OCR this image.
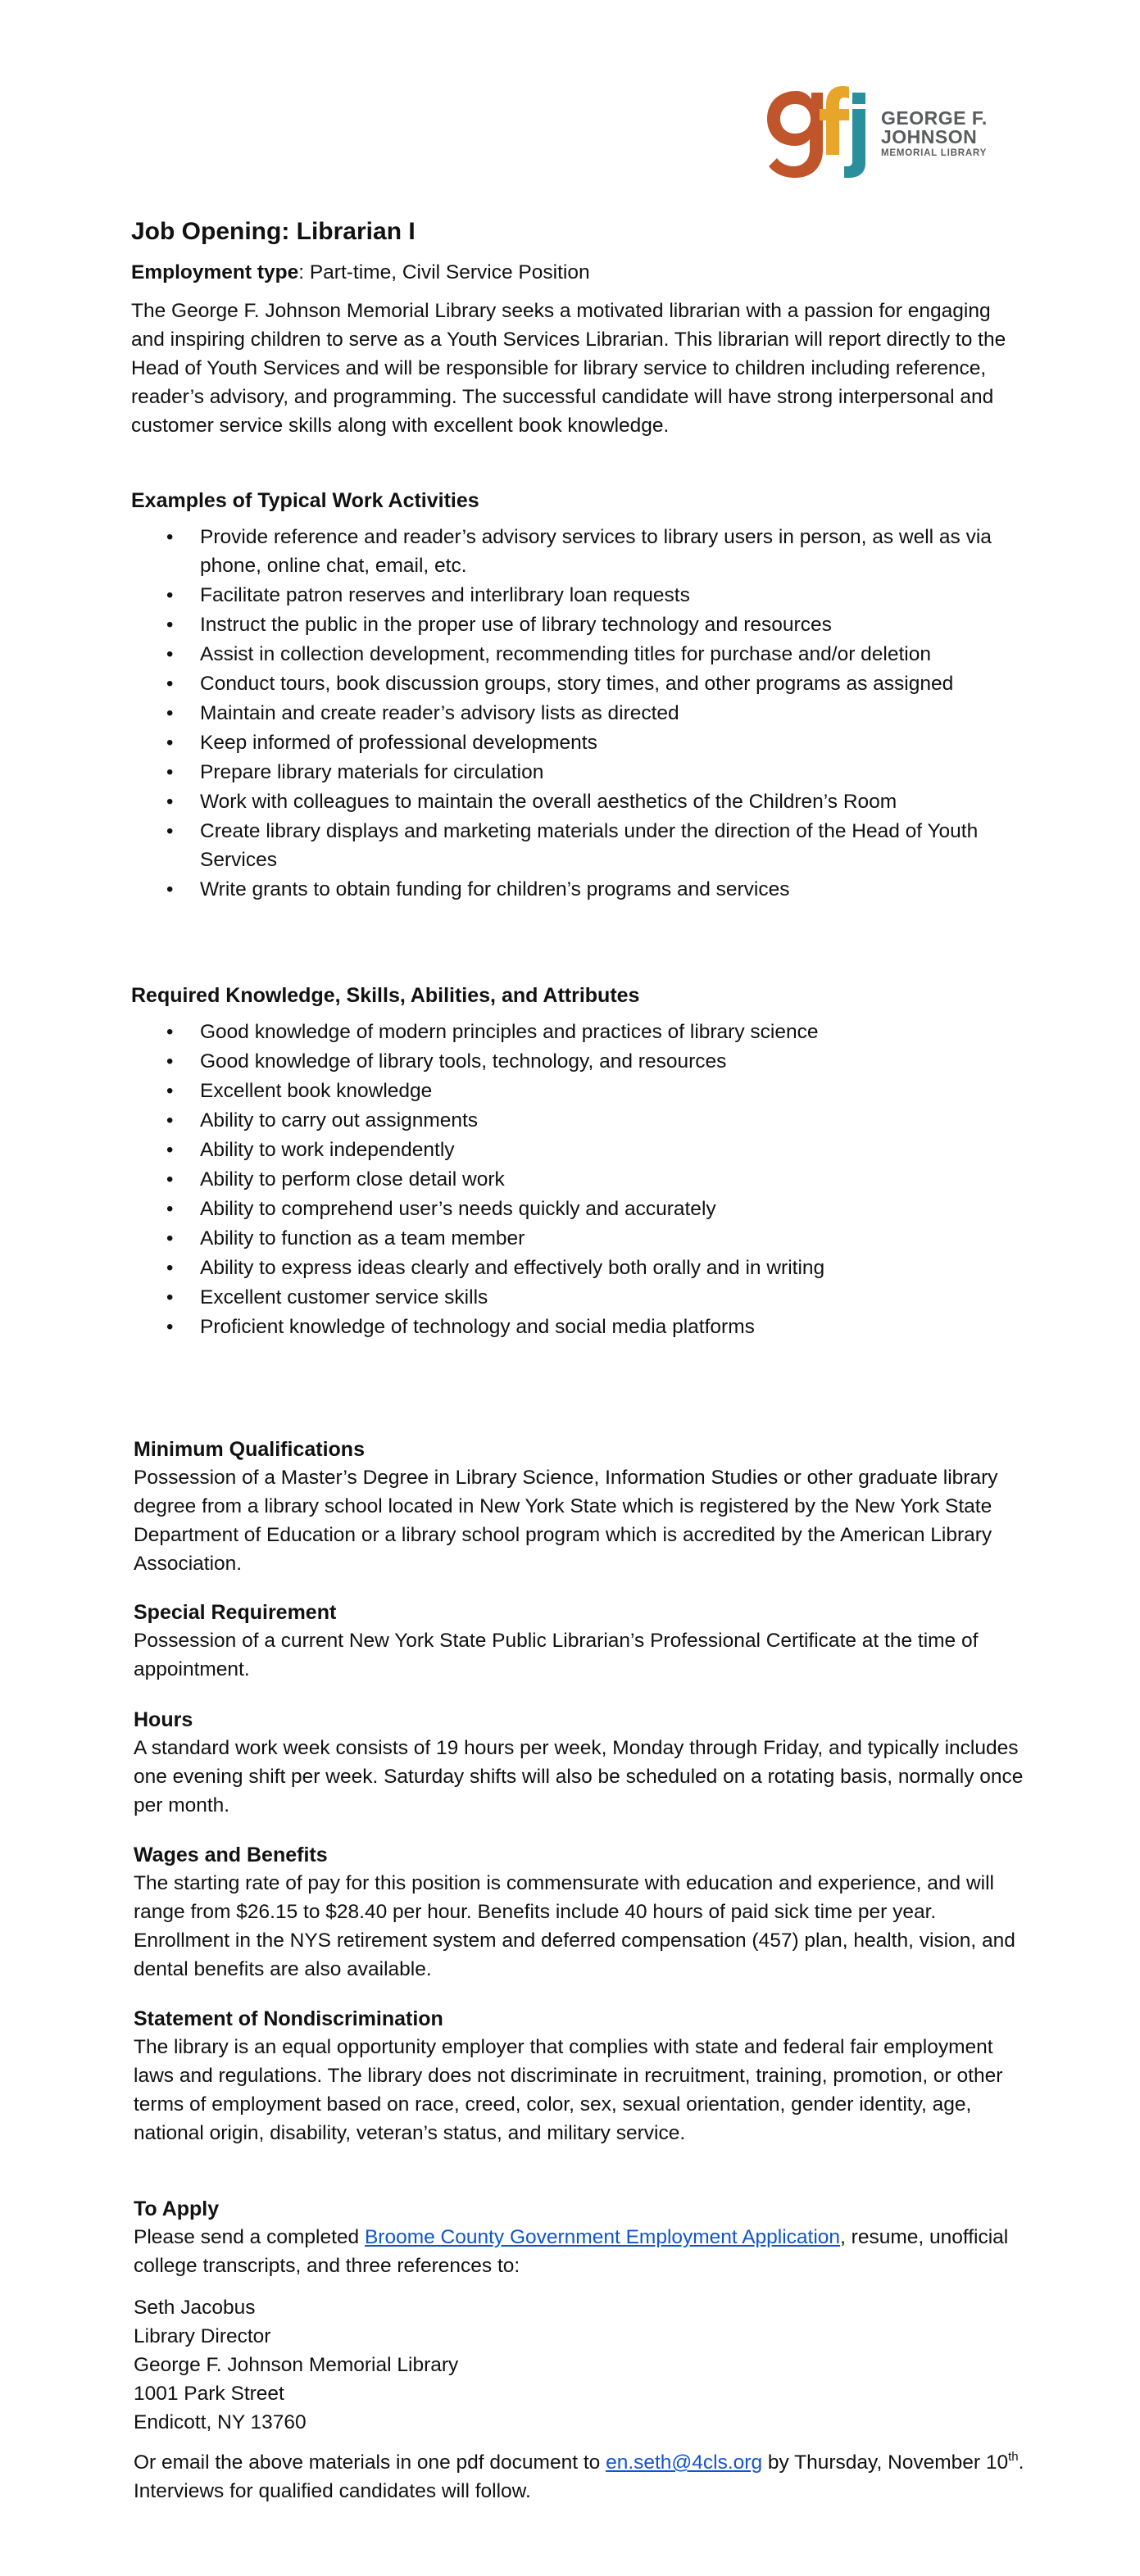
GEORGE F.
JOHNSON
MEMORIAL LIBRARY
Job Opening: Librarian I
Employment type: Part-time, Civil Service Position
The George F. Johnson Memorial Library seeks a motivated librarian with a passion for engaging and inspiring children to serve as a Youth Services Librarian. This librarian will report directly to the Head of Youth Services and will be responsible for library service to children including reference, reader’s advisory, and programming. The successful candidate will have strong interpersonal and customer service skills along with excellent book knowledge.
Examples of Typical Work Activities
• Provide reference and reader’s advisory services to library users in person, as well as via phone, online chat, email, etc.
• Facilitate patron reserves and interlibrary loan requests
• Instruct the public in the proper use of library technology and resources
• Assist in collection development, recommending titles for purchase and/or deletion
• Conduct tours, book discussion groups, story times, and other programs as assigned
• Maintain and create reader’s advisory lists as directed
• Keep informed of professional developments
• Prepare library materials for circulation
• Work with colleagues to maintain the overall aesthetics of the Children’s Room
• Create library displays and marketing materials under the direction of the Head of Youth Services
• Write grants to obtain funding for children’s programs and services
Required Knowledge, Skills, Abilities, and Attributes
• Good knowledge of modern principles and practices of library science
• Good knowledge of library tools, technology, and resources
• Excellent book knowledge
• Ability to carry out assignments
• Ability to work independently
• Ability to perform close detail work
• Ability to comprehend user’s needs quickly and accurately
• Ability to function as a team member
• Ability to express ideas clearly and effectively both orally and in writing
• Excellent customer service skills
• Proficient knowledge of technology and social media platforms
Minimum Qualifications
Possession of a Master’s Degree in Library Science, Information Studies or other graduate library degree from a library school located in New York State which is registered by the New York State Department of Education or a library school program which is accredited by the American Library Association.
Special Requirement
Possession of a current New York State Public Librarian’s Professional Certificate at the time of appointment.
Hours
A standard work week consists of 19 hours per week, Monday through Friday, and typically includes one evening shift per week. Saturday shifts will also be scheduled on a rotating basis, normally once per month.
Wages and Benefits
The starting rate of pay for this position is commensurate with education and experience, and will range from $26.15 to $28.40 per hour. Benefits include 40 hours of paid sick time per year. Enrollment in the NYS retirement system and deferred compensation (457) plan, health, vision, and dental benefits are also available.
Statement of Nondiscrimination
The library is an equal opportunity employer that complies with state and federal fair employment laws and regulations. The library does not discriminate in recruitment, training, promotion, or other terms of employment based on race, creed, color, sex, sexual orientation, gender identity, age, national origin, disability, veteran’s status, and military service.
To Apply
Please send a completed Broome County Government Employment Application, resume, unofficial college transcripts, and three references to:
Seth Jacobus
Library Director
George F. Johnson Memorial Library
1001 Park Street
Endicott, NY 13760
Or email the above materials in one pdf document to en.seth@4cls.org by Thursday, November 10th. Interviews for qualified candidates will follow.
